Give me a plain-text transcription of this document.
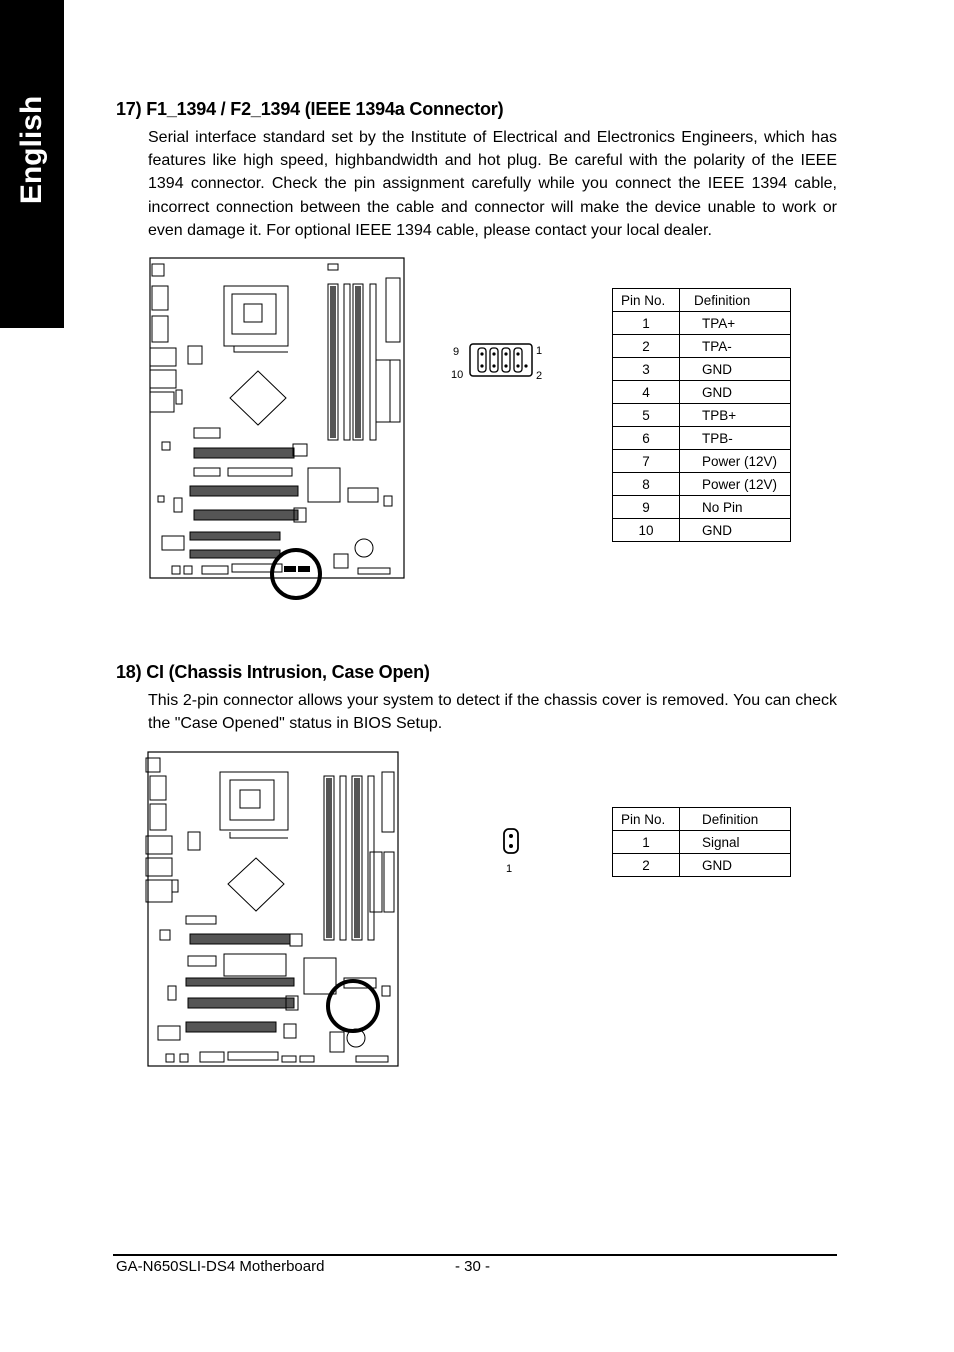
English	17) F1_1394 / F2_1394 (IEEE 1394a Connector)
Serial interface standard set by the Institute of Electrical and Electronics Engineers, which has features like high speed, highbandwidth and hot plug. Be careful with the polarity of the IEEE 1394 connector. Check the pin assignment carefully while you connect the IEEE 1394 cable, incorrect connection between the cable and connector will make the device unable to work or even damage it. For optional IEEE 1394 cable, please contact your local dealer.
9
10
1
2
Pin No.	Definition
1	TPA+
2	TPA-
3	GND
4	GND
5	TPB+
6	TPB-
7	Power (12V)
8	Power (12V)
9	No Pin
10	GND
18) CI (Chassis Intrusion, Case Open)
This 2-pin connector allows your system to detect if the chassis cover is removed. You can check the "Case Opened" status in BIOS Setup.
1
Pin No.	Definition
1	Signal
2	GND
GA-N650SLI-DS4 Motherboard	- 30 -
